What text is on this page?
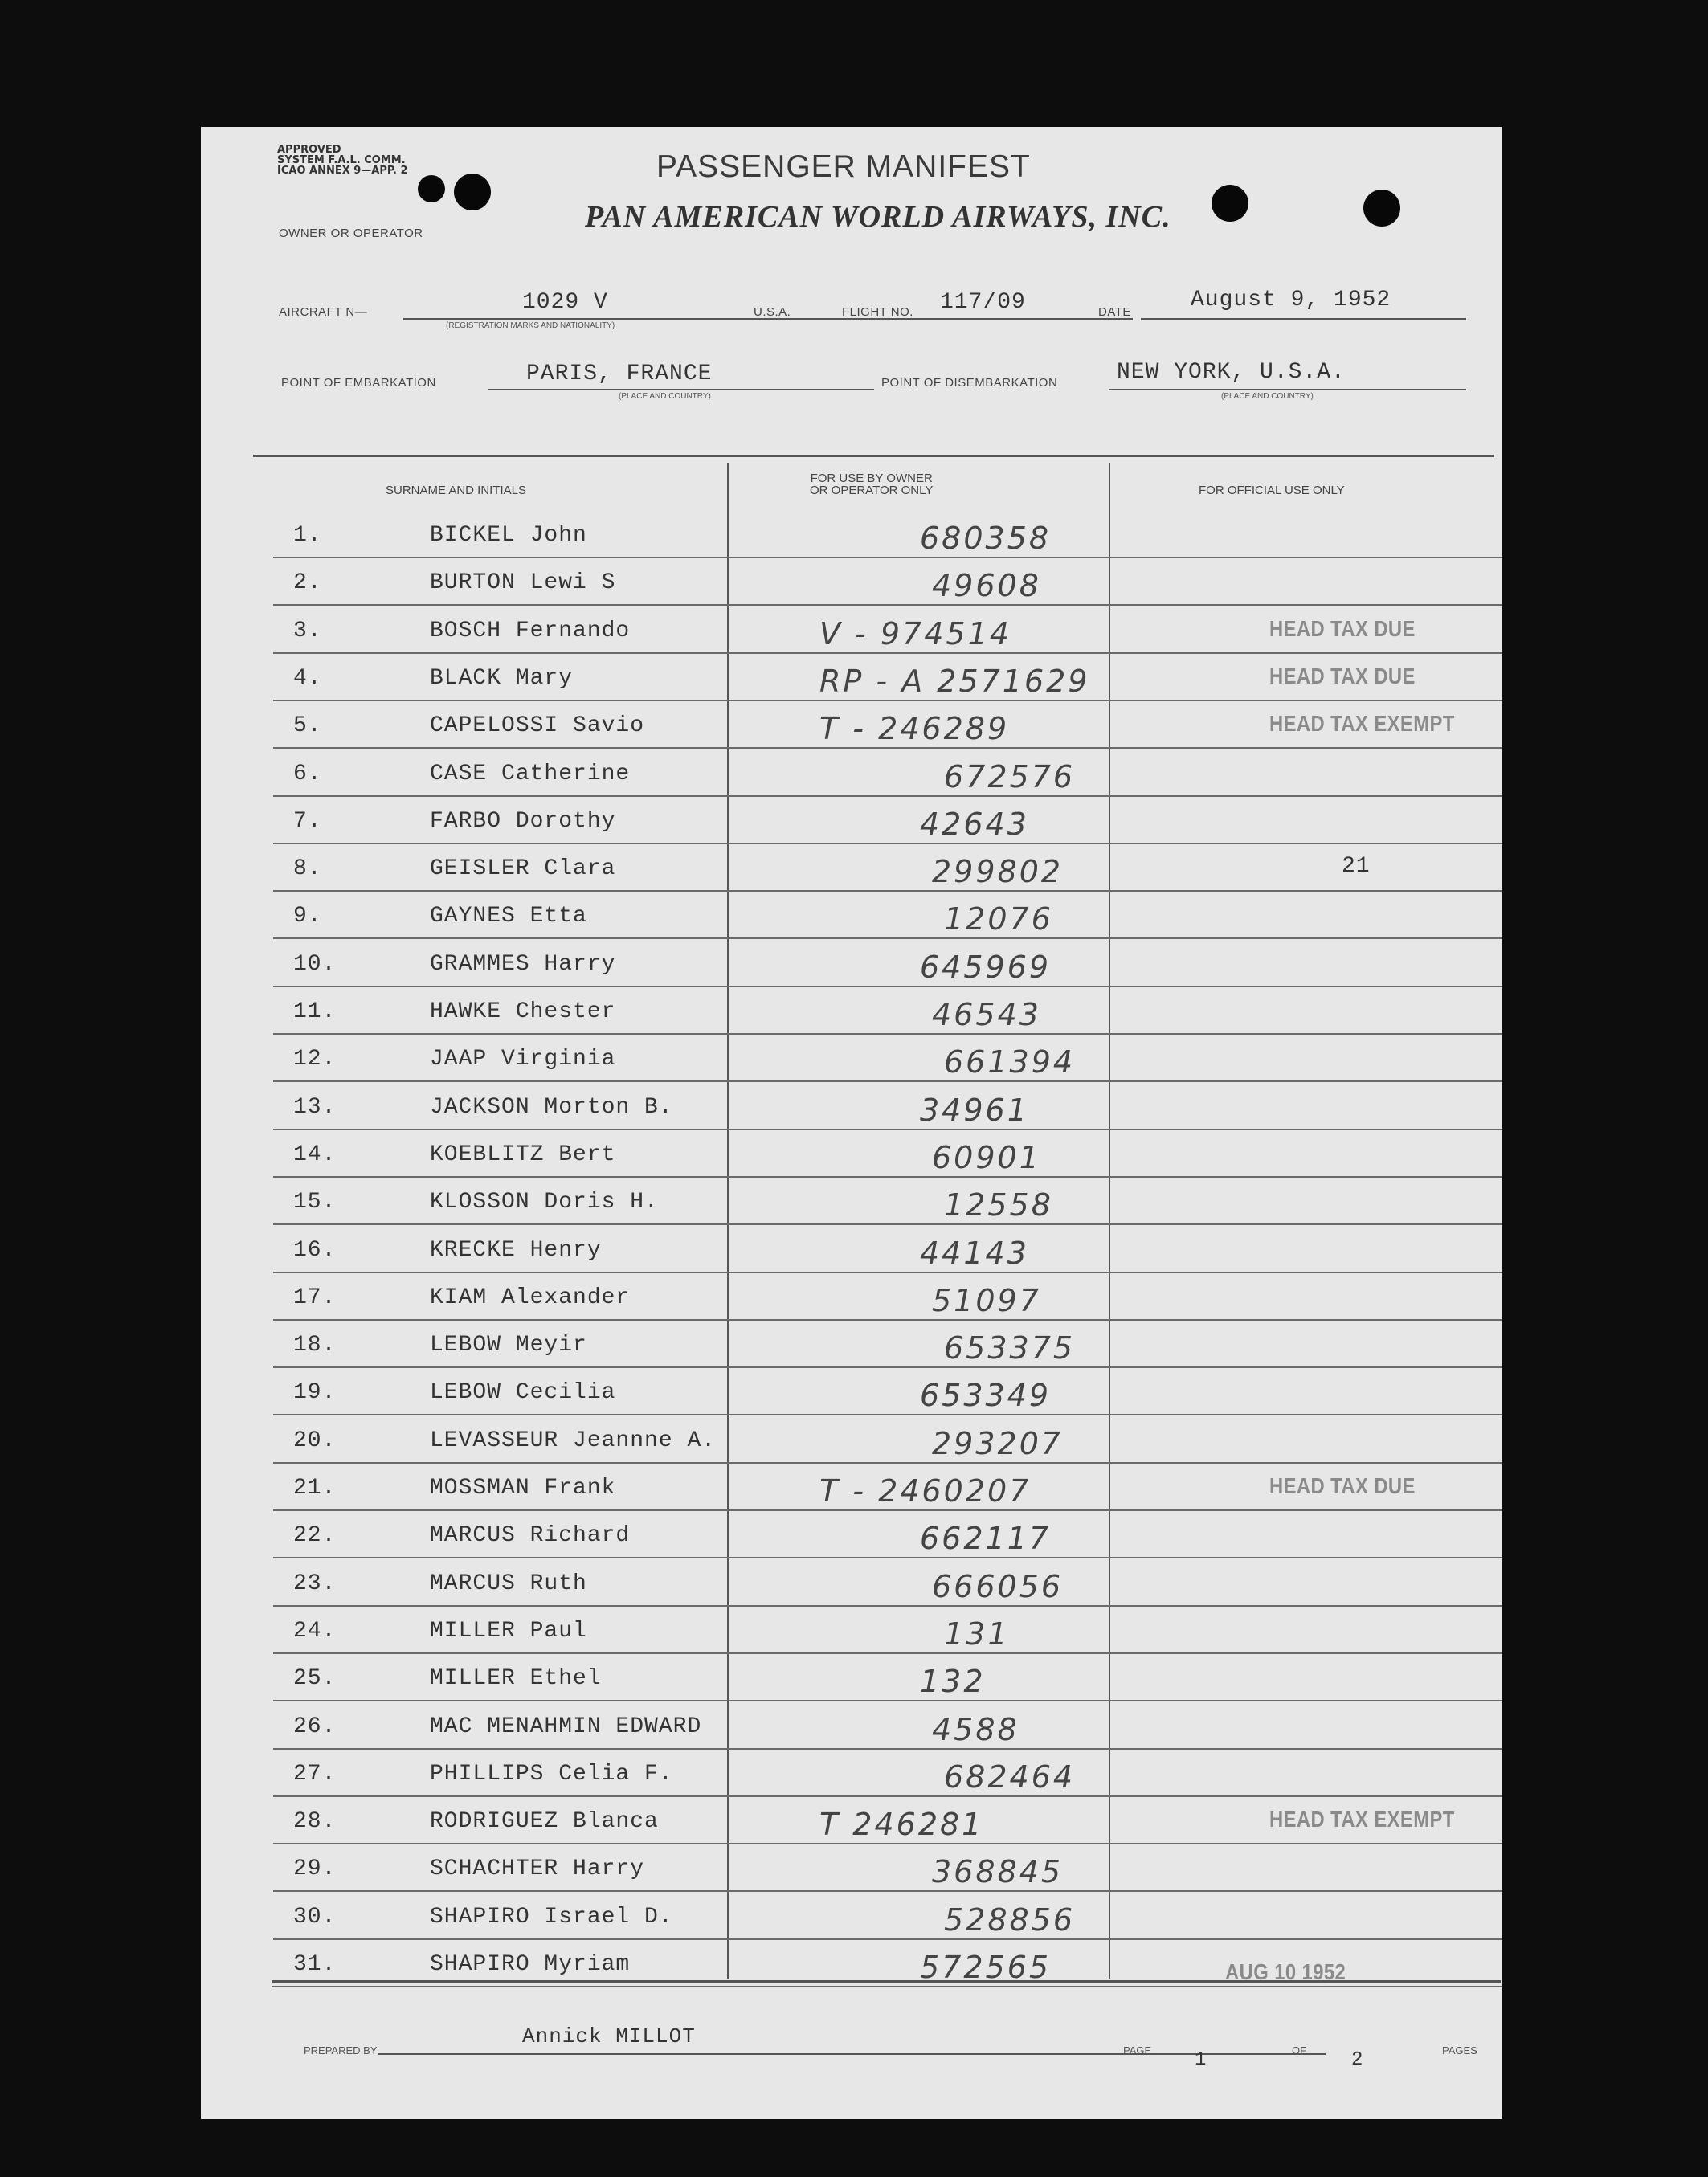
APPROVED
SYSTEM F.A.L. COMM.
ICAO ANNEX 9—APP. 2	PASSENGER MANIFEST
OWNER OR OPERATOR	PAN AMERICAN WORLD AIRWAYS, INC.
AIRCRAFT N—	1029 V
(REGISTRATION MARKS AND NATIONALITY)
U.S.A.	FLIGHT NO. 117/09	DATE	August 9, 1952
POINT OF EMBARKATION	PARIS, FRANCE
(PLACE AND COUNTRY)
POINT OF DISEMBARKATION	NEW YORK, U.S.A.
(PLACE AND COUNTRY)
SURNAME AND INITIALS
FOR USE BY OWNER
OR OPERATOR ONLY	FOR OFFICIAL USE ONLY
1.	BICKEL John	680358
2.	BURTON Lewi S	49608
3.	BOSCH Fernando	V - 974514	HEAD TAX DUE
4.	BLACK Mary	RP - A 2571629	HEAD TAX DUE
5.	CAPELOSSI Savio	T - 246289	HEAD TAX EXEMPT
6.	CASE Catherine	672576
7.	FARBO Dorothy	42643
8.	GEISLER Clara	299802	21
9.	GAYNES Etta	12076
10.	GRAMMES Harry	645969
11.	HAWKE Chester	46543
12.	JAAP Virginia	661394
13.	JACKSON Morton B.	34961
14.	KOEBLITZ Bert	60901
15.	KLOSSON Doris H.	12558
16.	KRECKE Henry	44143
17.	KIAM Alexander	51097
18.	LEBOW Meyir	653375
19.	LEBOW Cecilia	653349
20.	LEVASSEUR Jeannne A.	293207
21.	MOSSMAN Frank	T - 2460207	HEAD TAX DUE
22.	MARCUS Richard	662117
23.	MARCUS Ruth	666056
24.	MILLER Paul	131
25.	MILLER Ethel	132
26.	MAC MENAHMIN EDWARD	4588
27.	PHILLIPS Celia F.	682464
28.	RODRIGUEZ Blanca	T 246281	HEAD TAX EXEMPT
29.	SCHACHTER Harry	368845
30.	SHAPIRO Israel D.	528856
31.	SHAPIRO Myriam	572565	AUG 10 1952
PREPARED BY
Annick MILLOT
PAGE 1	OF 2	PAGES
